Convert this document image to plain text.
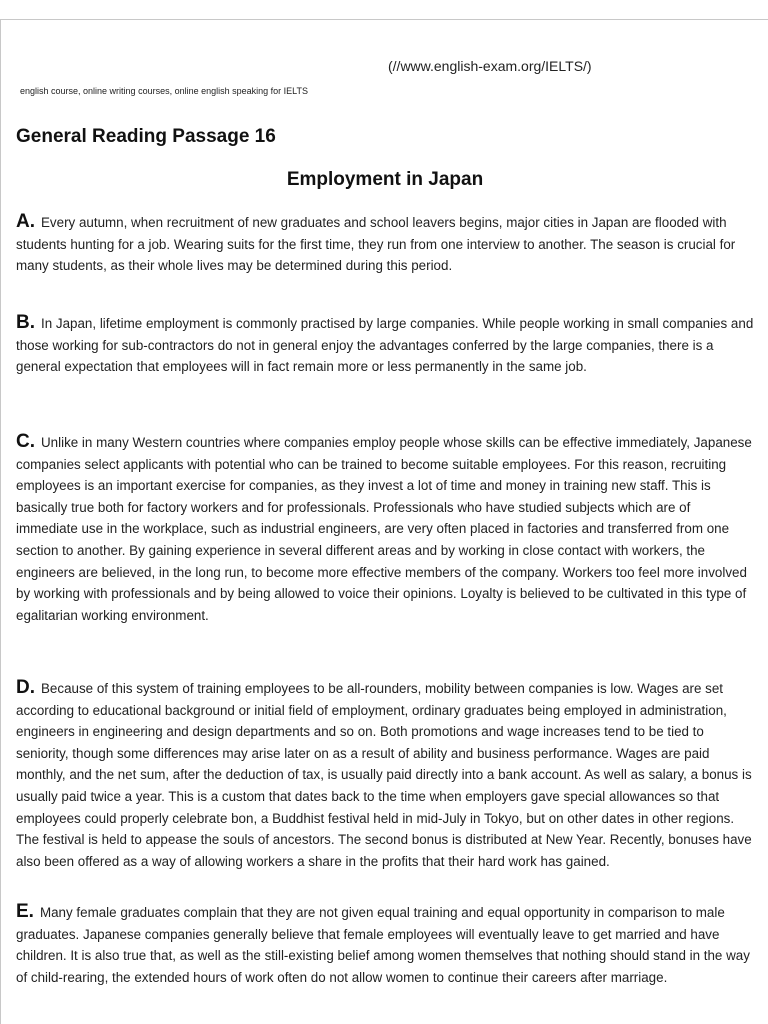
(//www.english-exam.org/IELTS/)
english course, online writing courses, online english speaking for IELTS
General Reading Passage 16
Employment in Japan
A. Every autumn, when recruitment of new graduates and school leavers begins, major cities in Japan are flooded with students hunting for a job. Wearing suits for the first time, they run from one interview to another. The season is crucial for many students, as their whole lives may be determined during this period.
B. In Japan, lifetime employment is commonly practised by large companies. While people working in small companies and those working for sub-contractors do not in general enjoy the advantages conferred by the large companies, there is a general expectation that employees will in fact remain more or less permanently in the same job.
C. Unlike in many Western countries where companies employ people whose skills can be effective immediately, Japanese companies select applicants with potential who can be trained to become suitable employees. For this reason, recruiting employees is an important exercise for companies, as they invest a lot of time and money in training new staff. This is basically true both for factory workers and for professionals. Professionals who have studied subjects which are of immediate use in the workplace, such as industrial engineers, are very often placed in factories and transferred from one section to another. By gaining experience in several different areas and by working in close contact with workers, the engineers are believed, in the long run, to become more effective members of the company. Workers too feel more involved by working with professionals and by being allowed to voice their opinions. Loyalty is believed to be cultivated in this type of egalitarian working environment.
D. Because of this system of training employees to be all-rounders, mobility between companies is low. Wages are set according to educational background or initial field of employment, ordinary graduates being employed in administration, engineers in engineering and design departments and so on. Both promotions and wage increases tend to be tied to seniority, though some differences may arise later on as a result of ability and business performance. Wages are paid monthly, and the net sum, after the deduction of tax, is usually paid directly into a bank account. As well as salary, a bonus is usually paid twice a year. This is a custom that dates back to the time when employers gave special allowances so that employees could properly celebrate bon, a Buddhist festival held in mid-July in Tokyo, but on other dates in other regions. The festival is held to appease the souls of ancestors. The second bonus is distributed at New Year. Recently, bonuses have also been offered as a way of allowing workers a share in the profits that their hard work has gained.
E. Many female graduates complain that they are not given equal training and equal opportunity in comparison to male graduates. Japanese companies generally believe that female employees will eventually leave to get married and have children. It is also true that, as well as the still-existing belief among women themselves that nothing should stand in the way of child-rearing, the extended hours of work often do not allow women to continue their careers after marriage.
